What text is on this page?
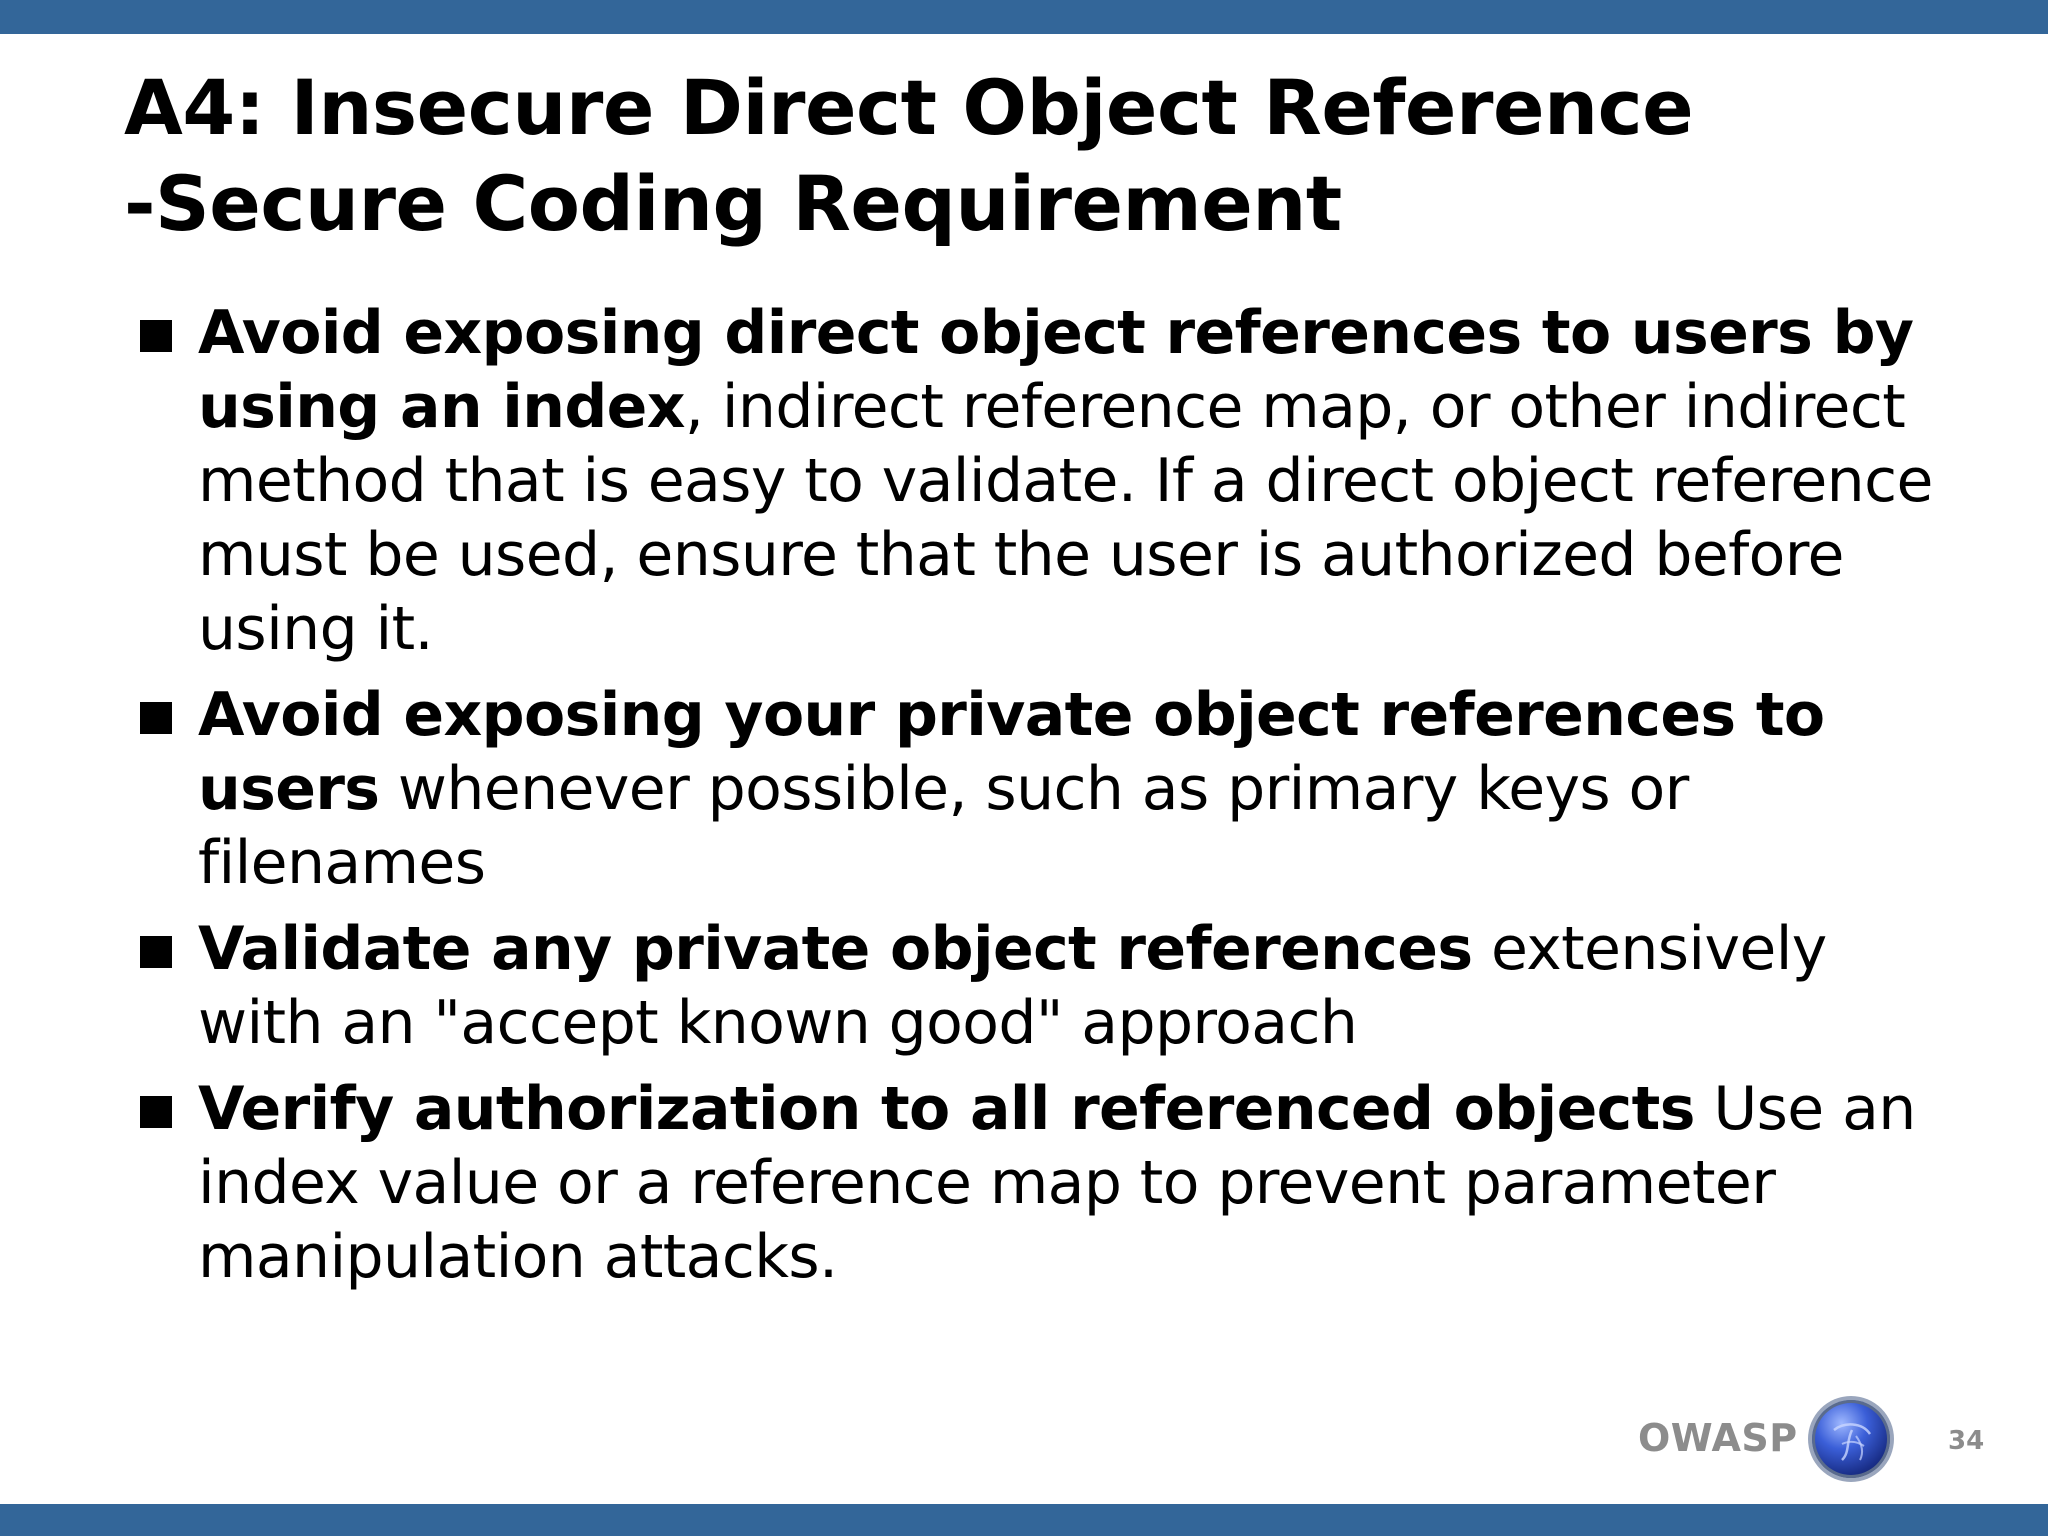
A4: Insecure Direct Object Reference
-Secure Coding Requirement
Avoid exposing direct object references to users by using an index, indirect reference map, or other indirect method that is easy to validate. If a direct object reference must be used, ensure that the user is authorized before using it.
Avoid exposing your private object references to users whenever possible, such as primary keys or filenames
Validate any private object references extensively with an "accept known good" approach
Verify authorization to all referenced objects Use an index value or a reference map to prevent parameter manipulation attacks.
OWASP	34
